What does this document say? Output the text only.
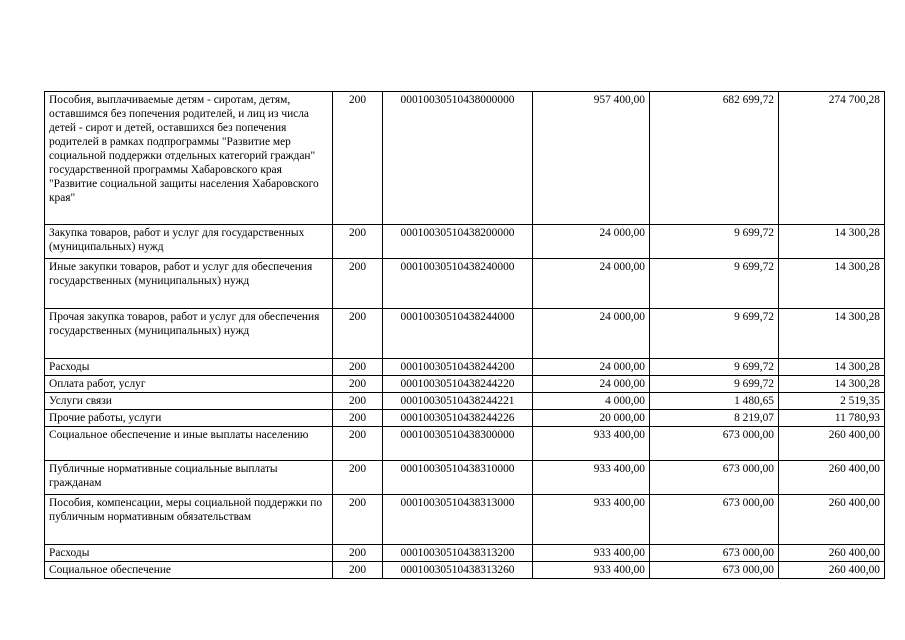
Пособия, выплачиваемые детям - сиротам, детям, оставшимся без попечения родителей, и лиц из числа детей - сирот и детей, оставшихся без попечения родителей в рамках подпрограммы "Развитие мер социальной поддержки отдельных категорий граждан" государственной программы Хабаровского края "Развитие социальной защиты населения Хабаровского края"	200	00010030510438000000	957 400,00	682 699,72	274 700,28
Закупка товаров, работ и услуг для государственных (муниципальных) нужд	200	00010030510438200000	24 000,00	9 699,72	14 300,28
Иные закупки товаров, работ и услуг для обеспечения государственных (муниципальных) нужд	200	00010030510438240000	24 000,00	9 699,72	14 300,28
Прочая закупка товаров, работ и услуг для обеспечения государственных (муниципальных) нужд	200	00010030510438244000	24 000,00	9 699,72	14 300,28
Расходы	200	00010030510438244200	24 000,00	9 699,72	14 300,28
Оплата работ, услуг	200	00010030510438244220	24 000,00	9 699,72	14 300,28
Услуги связи	200	00010030510438244221	4 000,00	1 480,65	2 519,35
Прочие работы, услуги	200	00010030510438244226	20 000,00	8 219,07	11 780,93
Социальное обеспечение и иные выплаты населению	200	00010030510438300000	933 400,00	673 000,00	260 400,00
Публичные нормативные социальные выплаты гражданам	200	00010030510438310000	933 400,00	673 000,00	260 400,00
Пособия, компенсации, меры социальной поддержки по публичным нормативным обязательствам	200	00010030510438313000	933 400,00	673 000,00	260 400,00
Расходы	200	00010030510438313200	933 400,00	673 000,00	260 400,00
Социальное обеспечение	200	00010030510438313260	933 400,00	673 000,00	260 400,00
